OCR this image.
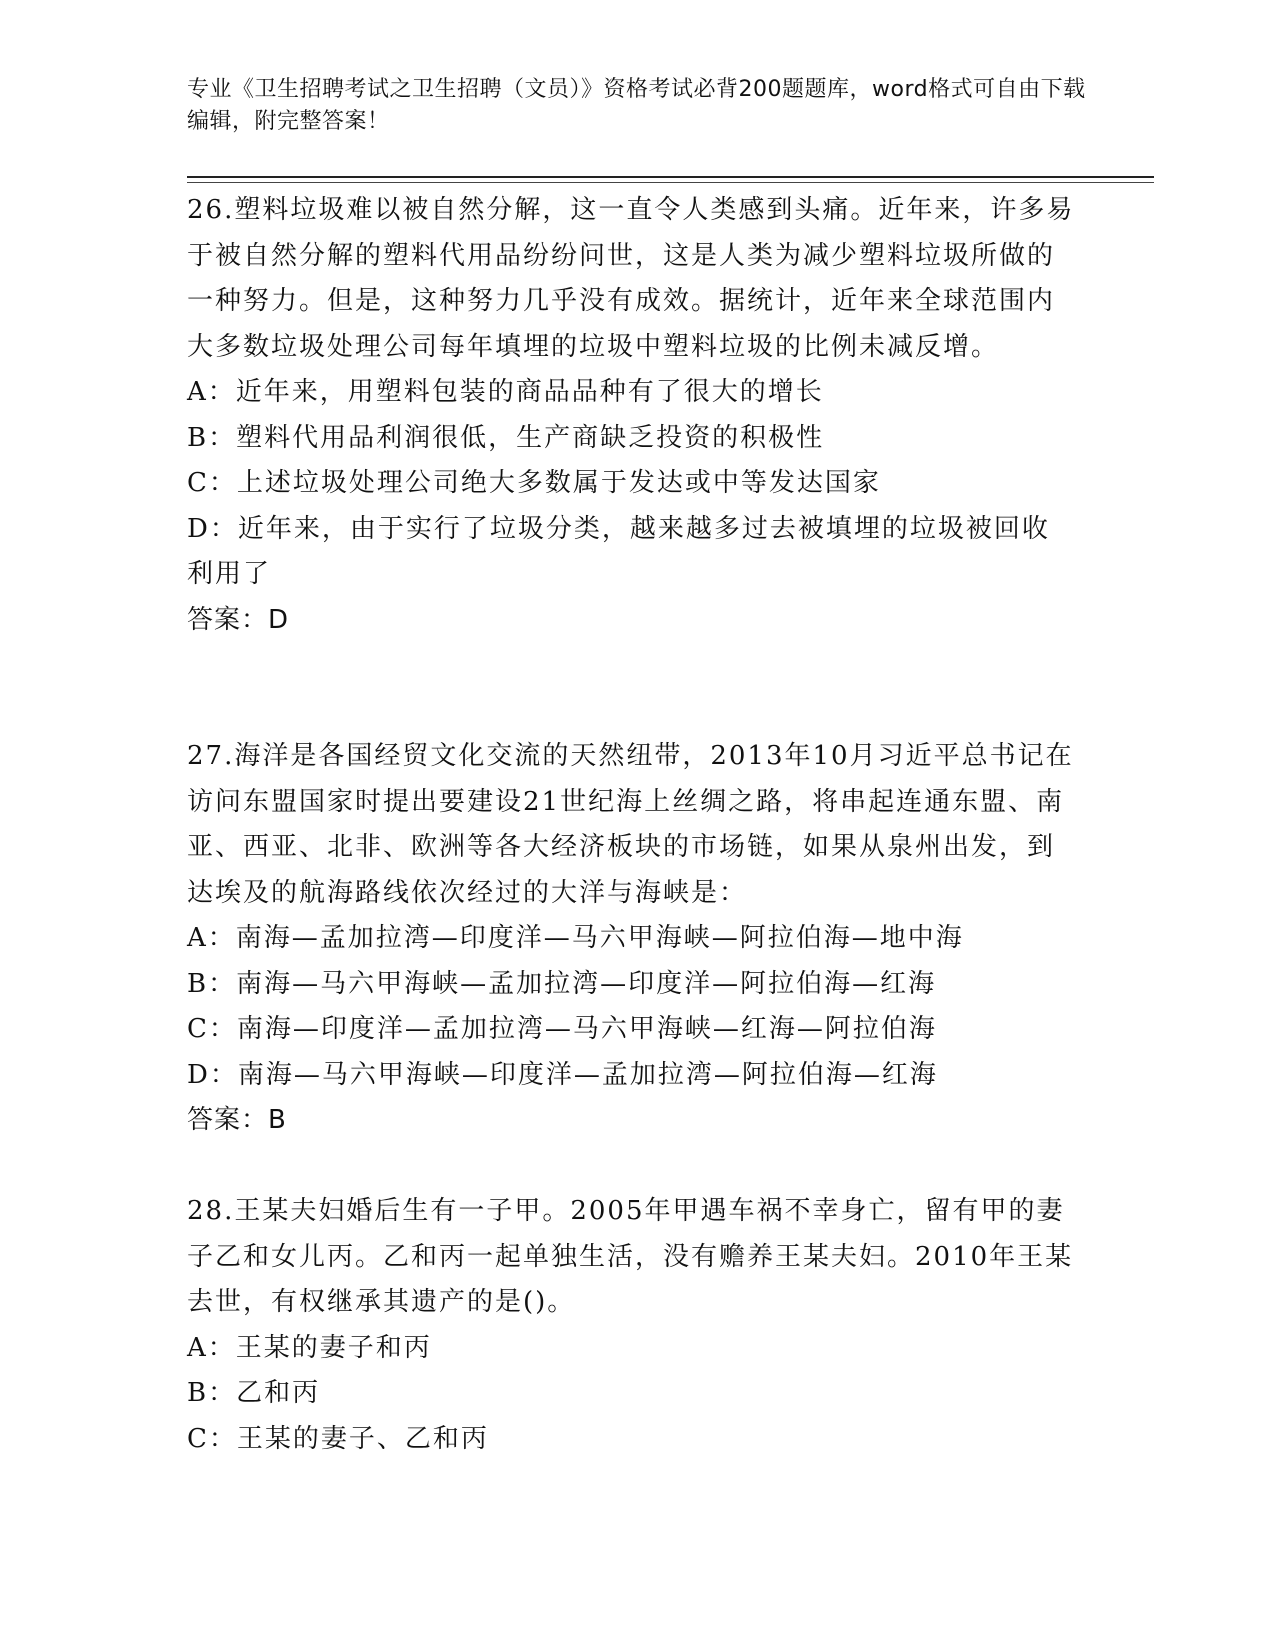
专业《卫生招聘考试之卫生招聘（文员）》资格考试必背200题题库，word格式可自由下载编辑，附完整答案！

26.塑料垃圾难以被自然分解，这一直令人类感到头痛。近年来，许多易于被自然分解的塑料代用品纷纷问世，这是人类为减少塑料垃圾所做的一种努力。但是，这种努力几乎没有成效。据统计，近年来全球范围内大多数垃圾处理公司每年填埋的垃圾中塑料垃圾的比例未减反增。

A：近年来，用塑料包装的商品品种有了很大的增长

B：塑料代用品利润很低，生产商缺乏投资的积极性

C：上述垃圾处理公司绝大多数属于发达或中等发达国家

D：近年来，由于实行了垃圾分类，越来越多过去被填埋的垃圾被回收利用了

答案：D

27.海洋是各国经贸文化交流的天然纽带，2013年10月习近平总书记在访问东盟国家时提出要建设21世纪海上丝绸之路，将串起连通东盟、南亚、西亚、北非、欧洲等各大经济板块的市场链，如果从泉州出发，到达埃及的航海路线依次经过的大洋与海峡是：

A：南海—孟加拉湾—印度洋—马六甲海峡—阿拉伯海—地中海

B：南海—马六甲海峡—孟加拉湾—印度洋—阿拉伯海—红海

C：南海—印度洋—孟加拉湾—马六甲海峡—红海—阿拉伯海

D：南海—马六甲海峡—印度洋—孟加拉湾—阿拉伯海—红海

答案：B

28.王某夫妇婚后生有一子甲。2005年甲遇车祸不幸身亡，留有甲的妻子乙和女儿丙。乙和丙一起单独生活，没有赡养王某夫妇。2010年王某去世，有权继承其遗产的是()。

A：王某的妻子和丙

B：乙和丙

C：王某的妻子、乙和丙
